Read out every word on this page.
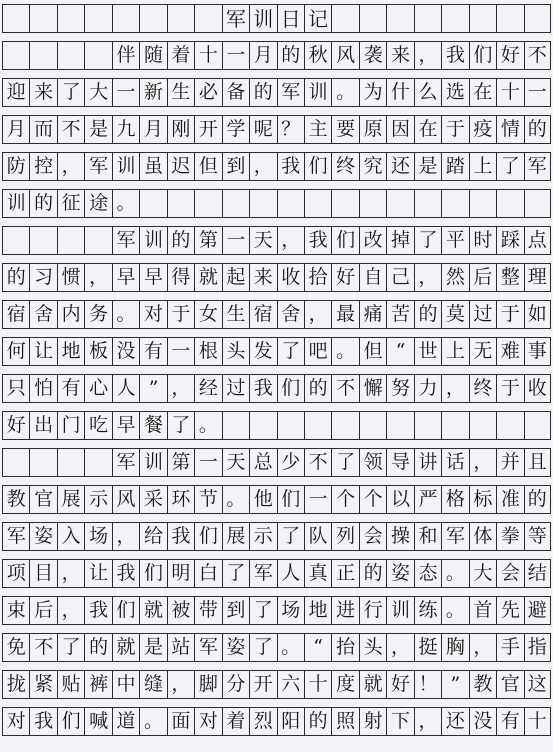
军 训 日 记
伴 随 着 十 一 月 的 秋 风 袭 来 ， 我 们 好 不
迎 来 了 大 一 新 生 必 备 的 军 训 。 为 什 么 选 在 十 一
月 而 不 是 九 月 刚 开 学 呢 ？ 主 要 原 因 在 于 疫 情 的
防 控 ， 军 训 虽 迟 但 到 ， 我 们 终 究 还 是 踏 上 了 军
训 的 征 途 。
军 训 的 第 一 天 ， 我 们 改 掉 了 平 时 踩 点
的 习 惯 ， 早 早 得 就 起 来 收 拾 好 自 己 ， 然 后 整 理
宿 舍 内 务 。 对 于 女 生 宿 舍 ， 最 痛 苦 的 莫 过 于 如
何 让 地 板 没 有 一 根 头 发 了 吧 。 但 “ 世 上 无 难 事
只 怕 有 心 人 ” ， 经 过 我 们 的 不 懈 努 力 ， 终 于 收
好 出 门 吃 早 餐 了 。
军 训 第 一 天 总 少 不 了 领 导 讲 话 ， 并 且
教 官 展 示 风 采 环 节 。 他 们 一 个 个 以 严 格 标 准 的
军 姿 入 场 ， 给 我 们 展 示 了 队 列 会 操 和 军 体 拳 等
项 目 ， 让 我 们 明 白 了 军 人 真 正 的 姿 态 。 大 会 结
束 后 ， 我 们 就 被 带 到 了 场 地 进 行 训 练 。 首 先 避
免 不 了 的 就 是 站 军 姿 了 。 “ 抬 头 ， 挺 胸 ， 手 指
拢 紧 贴 裤 中 缝 ， 脚 分 开 六 十 度 就 好 ！ ” 教 官 这
对 我 们 喊 道 。 面 对 着 烈 阳 的 照 射 下 ， 还 没 有 十
